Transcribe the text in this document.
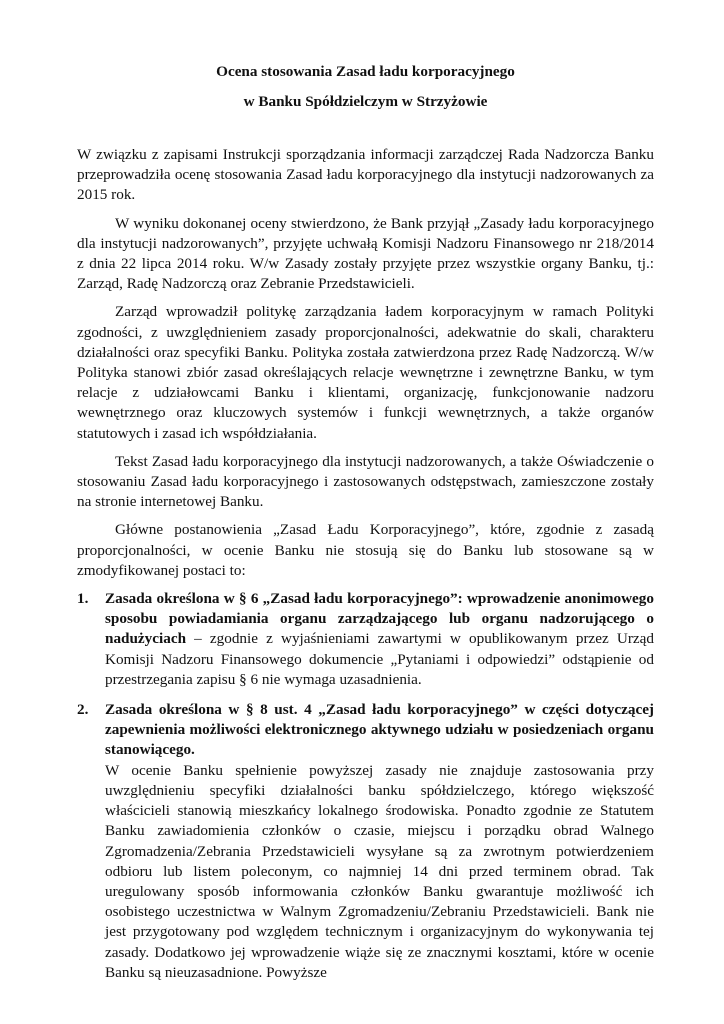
Ocena stosowania Zasad ładu korporacyjnego

w Banku Spółdzielczym w Strzyżowie

W związku z zapisami Instrukcji sporządzania informacji zarządczej Rada Nadzorcza Banku przeprowadziła ocenę stosowania Zasad ładu korporacyjnego dla instytucji nadzorowanych za 2015 rok.

W wyniku dokonanej oceny stwierdzono, że Bank przyjął „Zasady ładu korporacyjnego dla instytucji nadzorowanych”, przyjęte uchwałą Komisji Nadzoru Finansowego nr 218/2014 z dnia 22 lipca 2014 roku. W/w Zasady zostały przyjęte przez wszystkie organy Banku, tj.: Zarząd, Radę Nadzorczą oraz Zebranie Przedstawicieli.

Zarząd wprowadził politykę zarządzania ładem korporacyjnym w ramach Polityki zgodności, z uwzględnieniem zasady proporcjonalności, adekwatnie do skali, charakteru działalności oraz specyfiki Banku. Polityka została zatwierdzona przez Radę Nadzorczą. W/w Polityka stanowi zbiór zasad określających relacje wewnętrzne i zewnętrzne Banku, w tym relacje z udziałowcami Banku i klientami, organizację, funkcjonowanie nadzoru wewnętrznego oraz kluczowych systemów i funkcji wewnętrznych, a także organów statutowych i zasad ich współdziałania.

Tekst Zasad ładu korporacyjnego dla instytucji nadzorowanych, a także Oświadczenie o stosowaniu Zasad ładu korporacyjnego i zastosowanych odstępstwach, zamieszczone zostały na stronie internetowej Banku.

Główne postanowienia „Zasad Ładu Korporacyjnego”, które, zgodnie z zasadą proporcjonalności, w ocenie Banku nie stosują się do Banku lub stosowane są w zmodyfikowanej postaci to:

1. Zasada określona w § 6 „Zasad ładu korporacyjnego”: wprowadzenie anonimowego sposobu powiadamiania organu zarządzającego lub organu nadzorującego o nadużyciach – zgodnie z wyjaśnieniami zawartymi w opublikowanym przez Urząd Komisji Nadzoru Finansowego dokumencie „Pytaniami i odpowiedzi” odstąpienie od przestrzegania zapisu § 6 nie wymaga uzasadnienia.
2. Zasada określona w § 8 ust. 4 „Zasad ładu korporacyjnego” w części dotyczącej zapewnienia możliwości elektronicznego aktywnego udziału w posiedzeniach organu stanowiącego.
W ocenie Banku spełnienie powyższej zasady nie znajduje zastosowania przy uwzględnieniu specyfiki działalności banku spółdzielczego, którego większość właścicieli stanowią mieszkańcy lokalnego środowiska. Ponadto zgodnie ze Statutem Banku zawiadomienia członków o czasie, miejscu i porządku obrad Walnego Zgromadzenia/Zebrania Przedstawicieli wysyłane są za zwrotnym potwierdzeniem odbioru lub listem poleconym, co najmniej 14 dni przed terminem obrad. Tak uregulowany sposób informowania członków Banku gwarantuje możliwość ich osobistego uczestnictwa w Walnym Zgromadzeniu/Zebraniu Przedstawicieli. Bank nie jest przygotowany pod względem technicznym i organizacyjnym do wykonywania tej zasady. Dodatkowo jej wprowadzenie wiąże się ze znacznymi kosztami, które w ocenie Banku są nieuzasadnione. Powyższe
